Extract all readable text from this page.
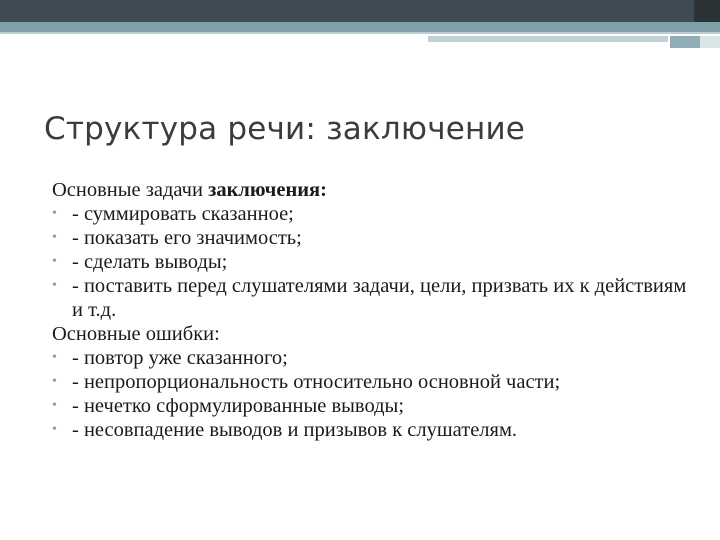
Структура речи: заключение

Основные задачи заключения:

• - суммировать сказанное;
• - показать его значимость;
• - сделать выводы;
• - поставить перед слушателями задачи, цели, призвать их к действиям и т.д.

Основные ошибки:

• - повтор уже сказанного;
• - непропорциональность относительно основной части;
• - нечетко сформулированные выводы;
• - несовпадение выводов и призывов к слушателям.
